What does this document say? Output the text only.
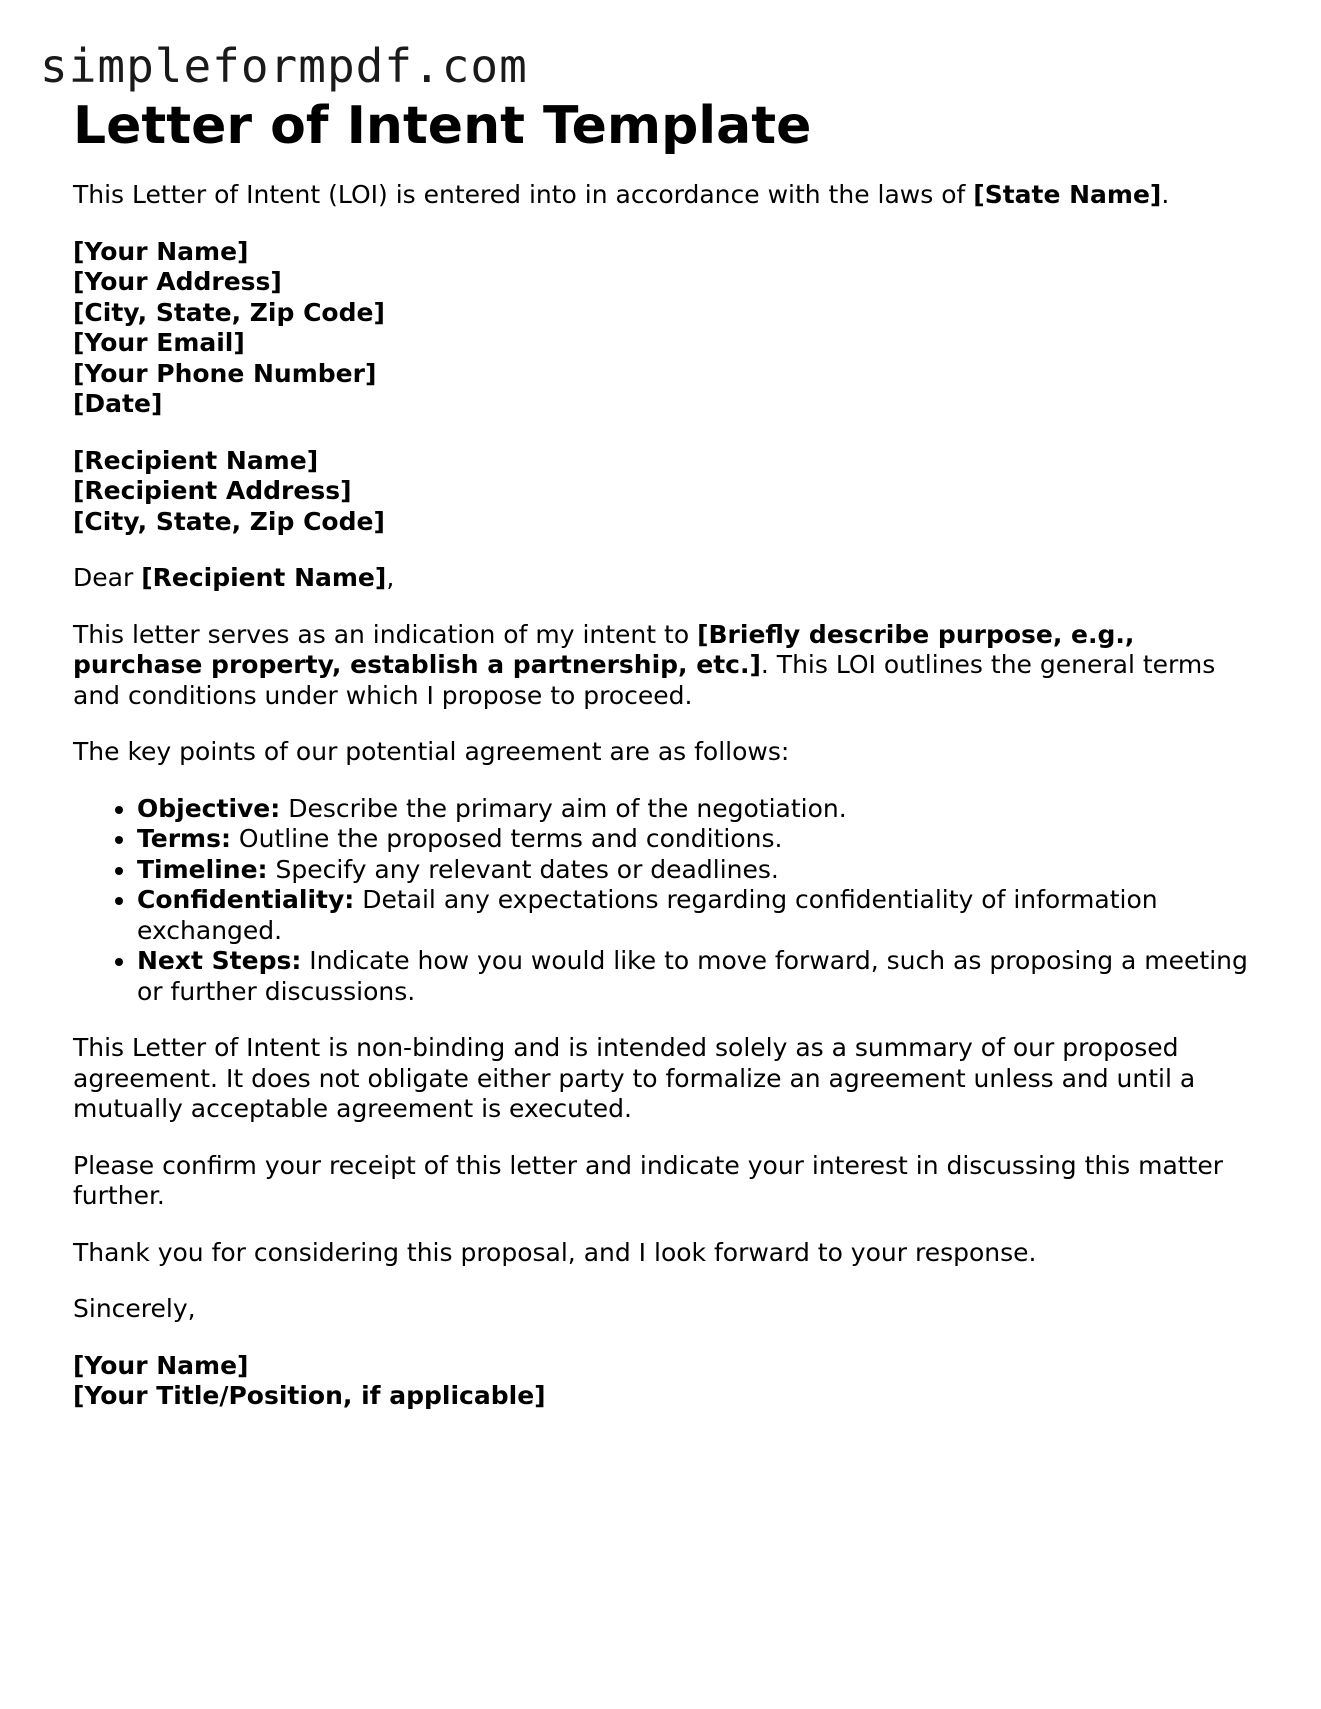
simpleformpdf.com
Letter of Intent Template

This Letter of Intent (LOI) is entered into in accordance with the laws of [State Name].

[Your Name]
[Your Address]
[City, State, Zip Code]
[Your Email]
[Your Phone Number]
[Date]
[Recipient Name]
[Recipient Address]
[City, State, Zip Code]

Dear [Recipient Name],

This letter serves as an indication of my intent to [Briefly describe purpose, e.g., purchase property, establish a partnership, etc.]. This LOI outlines the general terms and conditions under which I propose to proceed.

The key points of our potential agreement are as follows:

• Objective: Describe the primary aim of the negotiation.
• Terms: Outline the proposed terms and conditions.
• Timeline: Specify any relevant dates or deadlines.
• Confidentiality: Detail any expectations regarding confidentiality of information exchanged.
• Next Steps: Indicate how you would like to move forward, such as proposing a meeting or further discussions.

This Letter of Intent is non-binding and is intended solely as a summary of our proposed agreement. It does not obligate either party to formalize an agreement unless and until a mutually acceptable agreement is executed.

Please confirm your receipt of this letter and indicate your interest in discussing this matter further.

Thank you for considering this proposal, and I look forward to your response.

Sincerely,

[Your Name]
[Your Title/Position, if applicable]
